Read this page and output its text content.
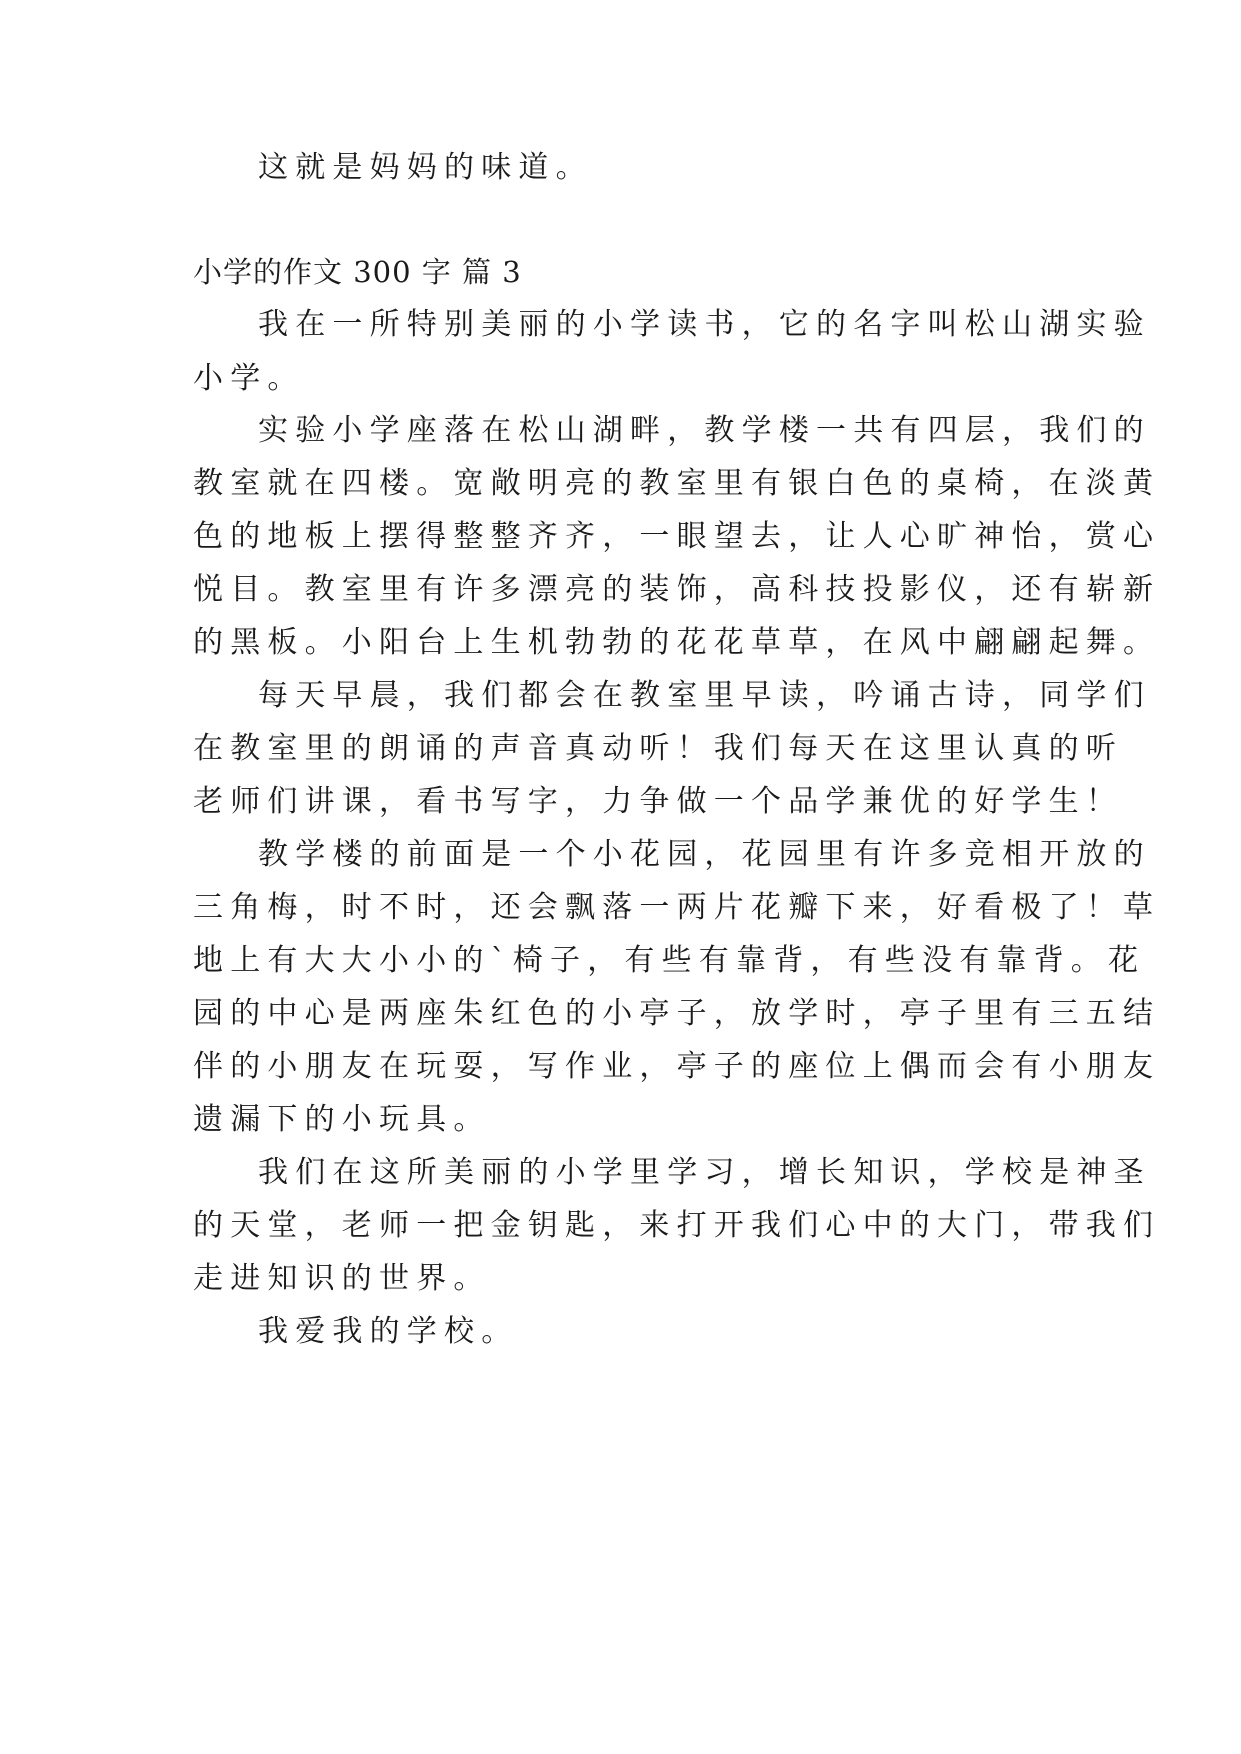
这就是妈妈的味道。
小学的作文 300 字 篇 3
我在一所特别美丽的小学读书，它的名字叫松山湖实验
小学。
实验小学座落在松山湖畔，教学楼一共有四层，我们的
教室就在四楼。宽敞明亮的教室里有银白色的桌椅，在淡黄
色的地板上摆得整整齐齐，一眼望去，让人心旷神怡，赏心
悦目。教室里有许多漂亮的装饰，高科技投影仪，还有崭新
的黑板。小阳台上生机勃勃的花花草草，在风中翩翩起舞。
每天早晨，我们都会在教室里早读，吟诵古诗，同学们
在教室里的朗诵的声音真动听！我们每天在这里认真的听
老师们讲课，看书写字，力争做一个品学兼优的好学生！
教学楼的前面是一个小花园，花园里有许多竞相开放的
三角梅，时不时，还会飘落一两片花瓣下来，好看极了！草
地上有大大小小的`椅子，有些有靠背，有些没有靠背。花
园的中心是两座朱红色的小亭子，放学时，亭子里有三五结
伴的小朋友在玩耍，写作业，亭子的座位上偶而会有小朋友
遗漏下的小玩具。
我们在这所美丽的小学里学习，增长知识，学校是神圣
的天堂，老师一把金钥匙，来打开我们心中的大门，带我们
走进知识的世界。
我爱我的学校。
